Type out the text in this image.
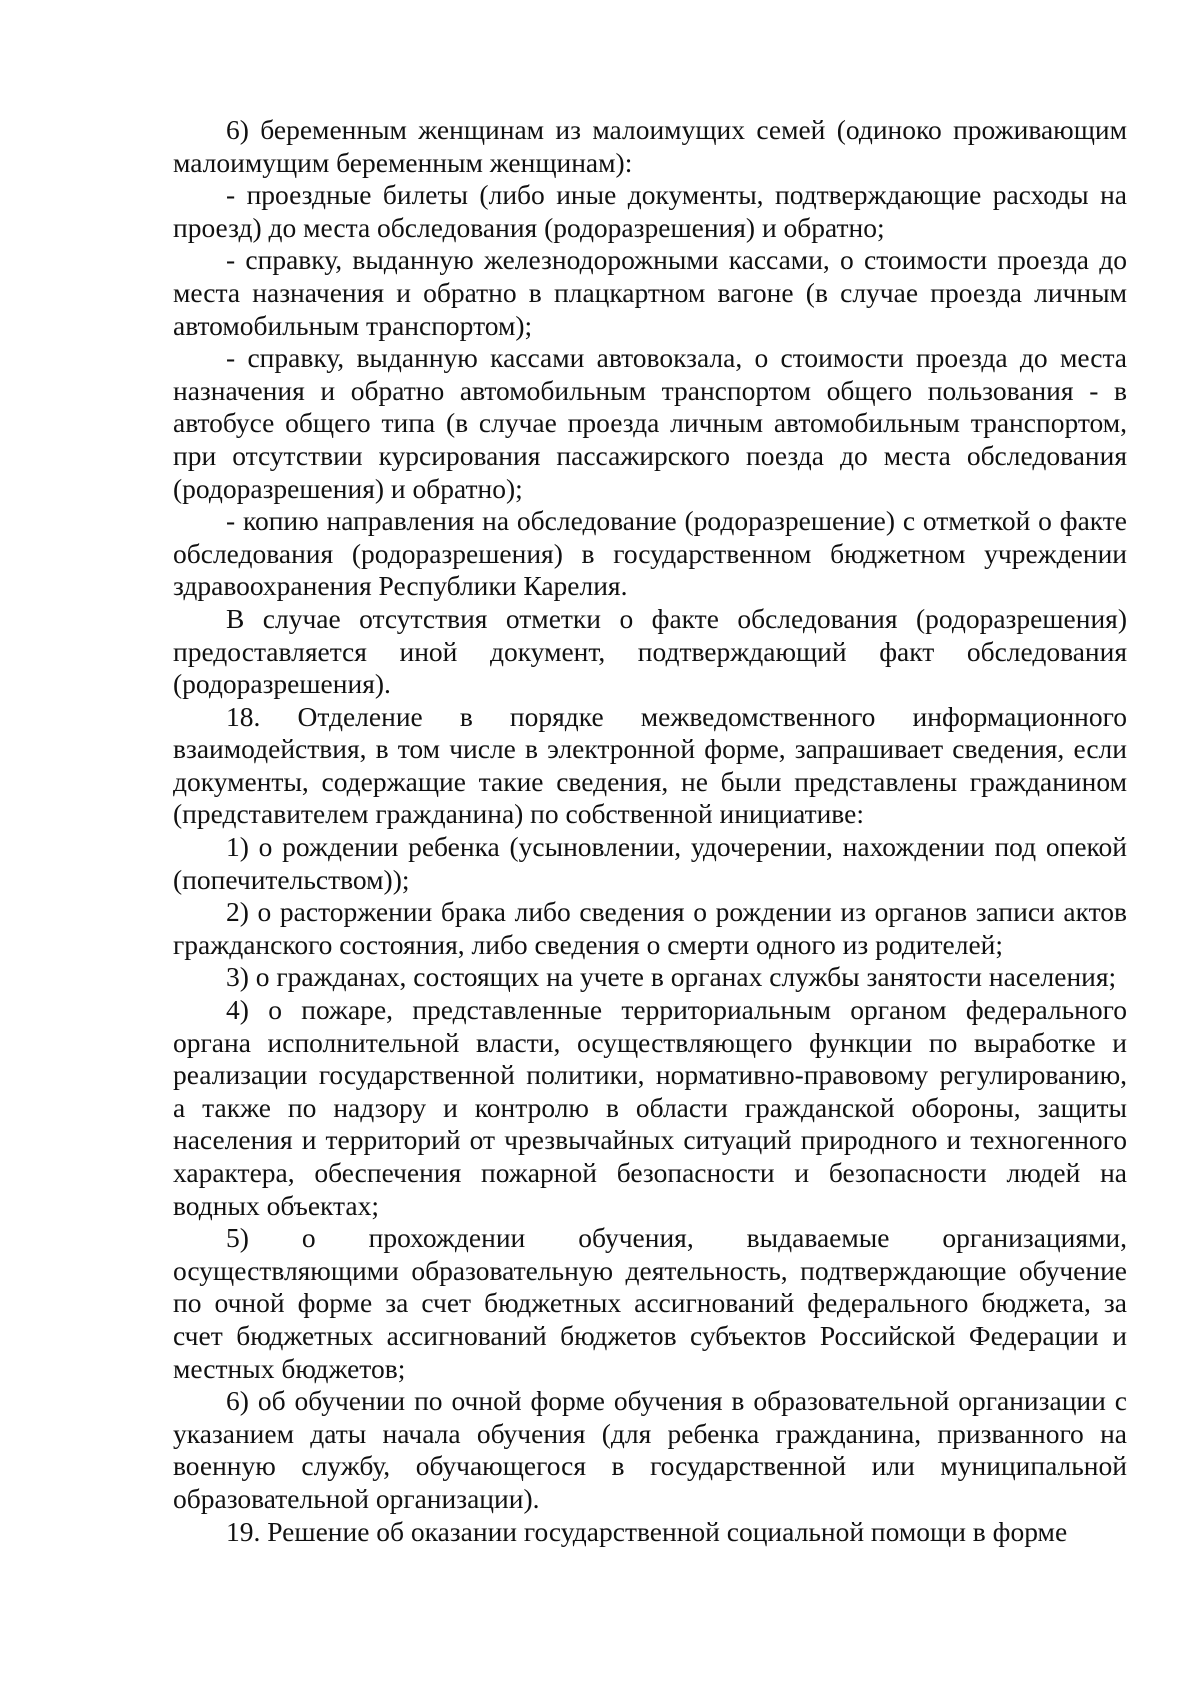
6) беременным женщинам из малоимущих семей (одиноко проживающим малоимущим беременным женщинам):

- проездные билеты (либо иные документы, подтверждающие расходы на проезд) до места обследования (родоразрешения) и обратно;

- справку, выданную железнодорожными кассами, о стоимости проезда до места назначения и обратно в плацкартном вагоне (в случае проезда личным автомобильным транспортом);

- справку, выданную кассами автовокзала, о стоимости проезда до места назначения и обратно автомобильным транспортом общего пользования - в автобусе общего типа (в случае проезда личным автомобильным транспортом, при отсутствии курсирования пассажирского поезда до места обследования (родоразрешения) и обратно);

- копию направления на обследование (родоразрешение) с отметкой о факте обследования (родоразрешения) в государственном бюджетном учреждении здравоохранения Республики Карелия.

В случае отсутствия отметки о факте обследования (родоразрешения) предоставляется иной документ, подтверждающий факт обследования (родоразрешения).

18. Отделение в порядке межведомственного информационного взаимодействия, в том числе в электронной форме, запрашивает сведения, если документы, содержащие такие сведения, не были представлены гражданином (представителем гражданина) по собственной инициативе:

1) о рождении ребенка (усыновлении, удочерении, нахождении под опекой (попечительством));

2) о расторжении брака либо сведения о рождении из органов записи актов гражданского состояния, либо сведения о смерти одного из родителей;

3) о гражданах, состоящих на учете в органах службы занятости населения;

4) о пожаре, представленные территориальным органом федерального органа исполнительной власти, осуществляющего функции по выработке и реализации государственной политики, нормативно-правовому регулированию, а также по надзору и контролю в области гражданской обороны, защиты населения и территорий от чрезвычайных ситуаций природного и техногенного характера, обеспечения пожарной безопасности и безопасности людей на водных объектах;

5) о прохождении обучения, выдаваемые организациями, осуществляющими образовательную деятельность, подтверждающие обучение по очной форме за счет бюджетных ассигнований федерального бюджета, за счет бюджетных ассигнований бюджетов субъектов Российской Федерации и местных бюджетов;

6) об обучении по очной форме обучения в образовательной организации с указанием даты начала обучения (для ребенка гражданина, призванного на военную службу, обучающегося в государственной или муниципальной образовательной организации).

19. Решение об оказании государственной социальной помощи в форме
